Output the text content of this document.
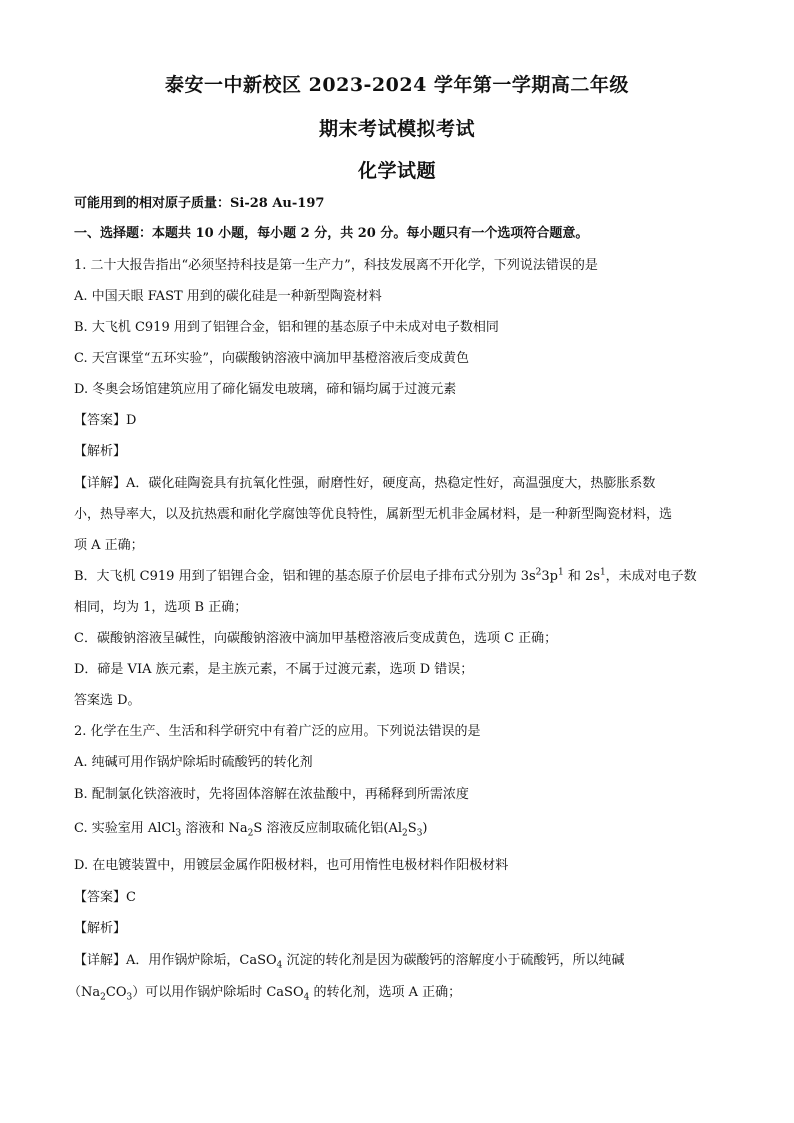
泰安一中新校区 2023-2024 学年第一学期高二年级
期末考试模拟考试
化学试题
可能用到的相对原子质量：Si-28 Au-197
一、选择题：本题共 10 小题，每小题 2 分，共 20 分。每小题只有一个选项符合题意。
1. 二十大报告指出“必须坚持科技是第一生产力”，科技发展离不开化学，下列说法错误的是
A. 中国天眼 FAST 用到的碳化硅是一种新型陶瓷材料
B. 大飞机 C919 用到了铝锂合金，铝和锂的基态原子中未成对电子数相同
C. 天宫课堂“五环实验”，向碳酸钠溶液中滴加甲基橙溶液后变成黄色
D. 冬奥会场馆建筑应用了碲化镉发电玻璃，碲和镉均属于过渡元素
【答案】D
【解析】
【详解】A．碳化硅陶瓷具有抗氧化性强，耐磨性好，硬度高，热稳定性好，高温强度大，热膨胀系数
小，热导率大，以及抗热震和耐化学腐蚀等优良特性，属新型无机非金属材料，是一种新型陶瓷材料，选
项 A 正确；
B．大飞机 C919 用到了铝锂合金，铝和锂的基态原子价层电子排布式分别为 $3s^23p^1$ 和 $2s^1$，未成对电子数
相同，均为 1，选项 B 正确；
C．碳酸钠溶液呈碱性，向碳酸钠溶液中滴加甲基橙溶液后变成黄色，选项 C 正确；
D．碲是 VIA 族元素，是主族元素，不属于过渡元素，选项 D 错误；
答案选 D。
2. 化学在生产、生活和科学研究中有着广泛的应用。下列说法错误的是
A. 纯碱可用作锅炉除垢时硫酸钙的转化剂
B. 配制氯化铁溶液时，先将固体溶解在浓盐酸中，再稀释到所需浓度
C. 实验室用 AlCl$_3$ 溶液和 $Na_2S$ 溶液反应制取硫化铝$(Al_2S_3)$
D. 在电镀装置中，用镀层金属作阳极材料，也可用惰性电极材料作阳极材料
【答案】C
【解析】
【详解】A．用作锅炉除垢，CaSO$_4$ 沉淀的转化剂是因为碳酸钙的溶解度小于硫酸钙，所以纯碱
$(Na_2CO_3)$可以用作锅炉除垢时 CaSO$_4$ 的转化剂，选项 A 正确；
